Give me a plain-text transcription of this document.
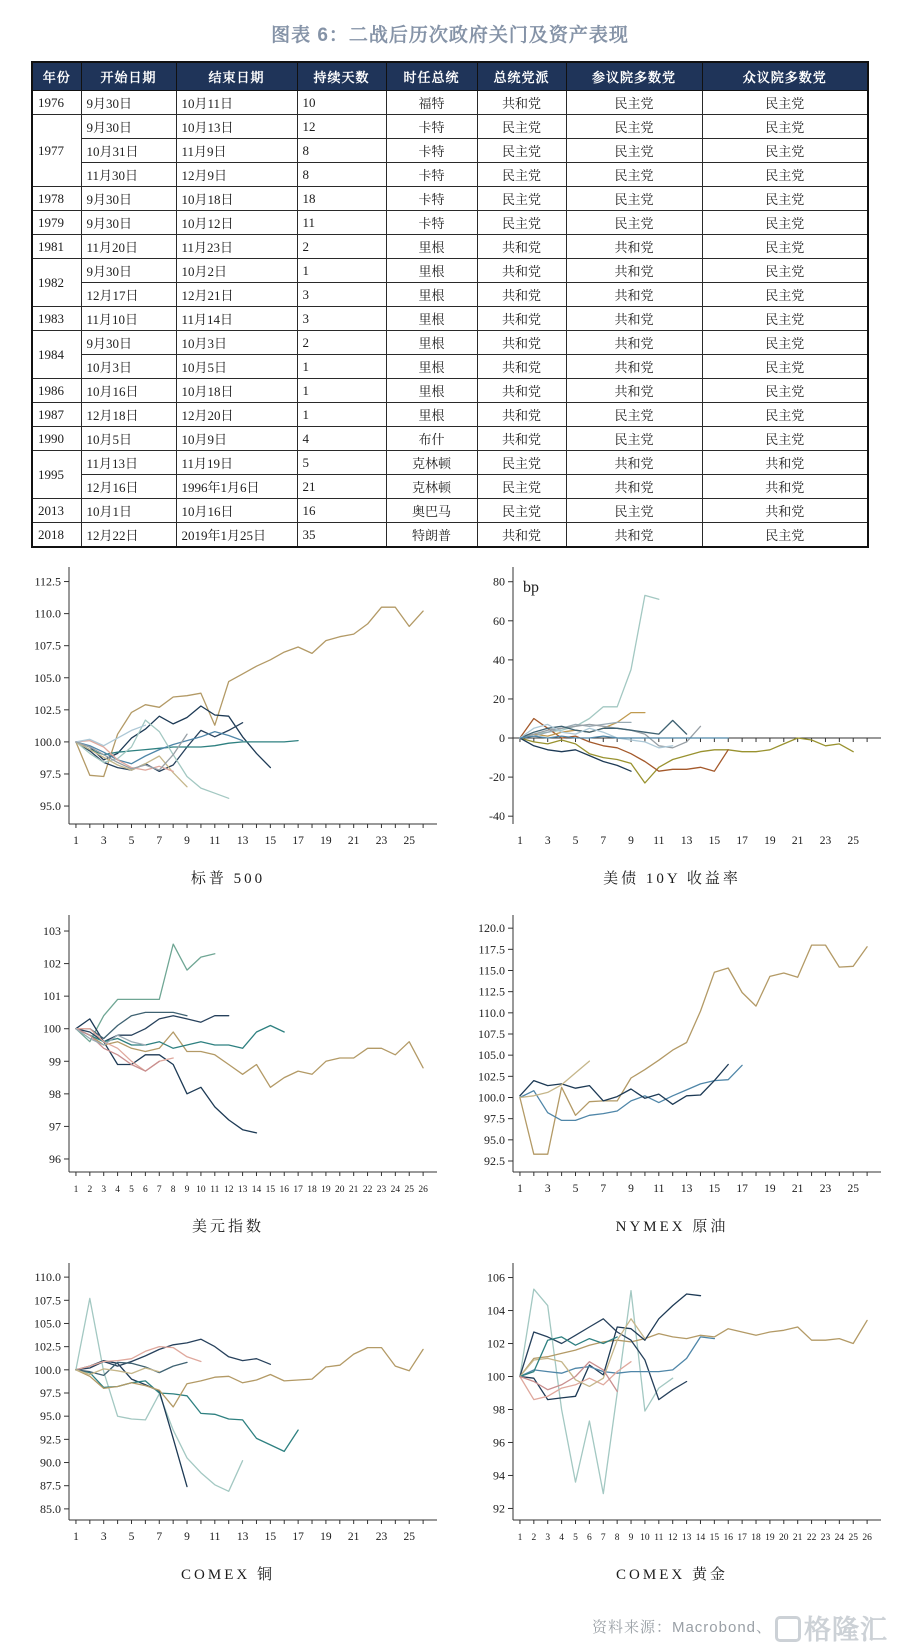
图表 6：二战后历次政府关门及资产表现
年份	开始日期	结束日期	持续天数	时任总统	总统党派	参议院多数党	众议院多数党
1976	9月30日	10月11日	10	福特	共和党	民主党	民主党
1977	9月30日	10月13日	12	卡特	民主党	民主党	民主党
	10月31日	11月9日	8	卡特	民主党	民主党	民主党
	11月30日	12月9日	8	卡特	民主党	民主党	民主党
1978	9月30日	10月18日	18	卡特	民主党	民主党	民主党
1979	9月30日	10月12日	11	卡特	民主党	民主党	民主党
1981	11月20日	11月23日	2	里根	共和党	共和党	民主党
1982	9月30日	10月2日	1	里根	共和党	共和党	民主党
	12月17日	12月21日	3	里根	共和党	共和党	民主党
1983	11月10日	11月14日	3	里根	共和党	共和党	民主党
1984	9月30日	10月3日	2	里根	共和党	共和党	民主党
	10月3日	10月5日	1	里根	共和党	共和党	民主党
1986	10月16日	10月18日	1	里根	共和党	共和党	民主党
1987	12月18日	12月20日	1	里根	共和党	民主党	民主党
1990	10月5日	10月9日	4	布什	共和党	民主党	民主党
1995	11月13日	11月19日	5	克林顿	民主党	共和党	共和党
	12月16日	1996年1月6日	21	克林顿	民主党	共和党	共和党
2013	10月1日	10月16日	16	奥巴马	民主党	民主党	共和党
2018	12月22日	2019年1月25日	35	特朗普	共和党	共和党	民主党
95.0
97.5
100.0
102.5
105.0
107.5
110.0
112.5
1 3 5 7 9 11 13 15 17 19 21 23 25
标普 500
-40
-20
0
20
40
60
80
1 3 5 7 9 11 13 15 17 19 21 23 25
bp
美债 10Y 收益率
96
97
98
99
100
101
102
103
1 2 3 4 5 6 7 8 9 10 11 12 13 14 15 16 17 18 19 20 21 22 23 24 25 26
美元指数
92.5
95.0
97.5
100.0
102.5
105.0
107.5
110.0
112.5
115.0
117.5
120.0
1 3 5 7 9 11 13 15 17 19 21 23 25
NYMEX 原油
85.0
87.5
90.0
92.5
95.0
97.5
100.0
102.5
105.0
107.5
110.0
1 3 5 7 9 11 13 15 17 19 21 23 25
COMEX 铜
92
94
96
98
100
102
104
106
1 2 3 4 5 6 7 8 9 10 11 12 13 14 15 16 17 18 19 20 21 22 23 24 25 26
COMEX 黄金
资料来源：Macrobond、	格隆汇
